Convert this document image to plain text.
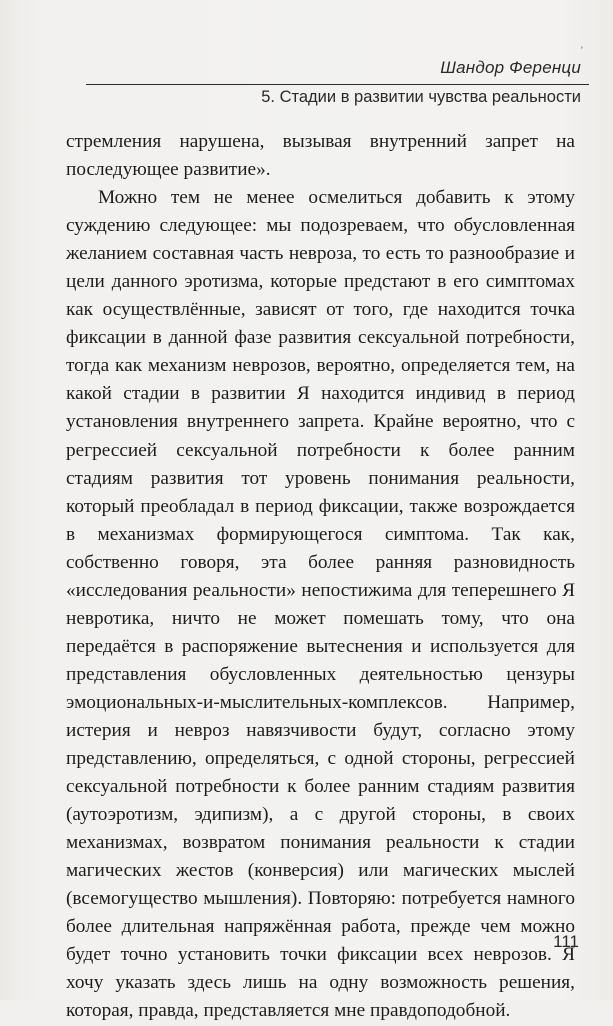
ʼ
Шандор Ференци
5. Стадии в развитии чувства реальности

стремления нарушена, вызывая внутренний запрет на последующее развитие».

Можно тем не менее осмелиться добавить к этому суждению следующее: мы подозреваем, что обусловленная желанием составная часть невроза, то есть то разнообразие и цели данного эротизма, которые предстают в его симптомах как осуществлённые, зависят от того, где находится точка фиксации в данной фазе развития сексуальной потребности, тогда как механизм неврозов, вероятно, определяется тем, на какой стадии в развитии Я находится индивид в период установления внутреннего запрета. Крайне вероятно, что с регрессией сексуальной потребности к более ранним стадиям развития тот уровень понимания реальности, который преобладал в период фиксации, также возрождается в механизмах формирующегося симптома. Так как, собственно говоря, эта более ранняя разновидность «исследования реальности» непостижима для теперешнего Я невротика, ничто не может помешать тому, что она передаётся в распоряжение вытеснения и используется для представления обусловленных деятельностью цензуры эмоциональных-и-мыслительных-комплексов. Например, истерия и невроз навязчивости будут, согласно этому представлению, определяться, с одной стороны, регрессией сексуальной потребности к более ранним стадиям развития (аутоэротизм, эдипизм), а с другой стороны, в своих механизмах, возвратом понимания реальности к стадии магических жестов (конверсия) или магических мыслей (всемогущество мышления). Повторяю: потребуется намного более длительная напряжённая работа, прежде чем можно будет точно установить точки фиксации всех неврозов. Я хочу указать здесь лишь на одну возможность решения, которая, правда, представляется мне правдоподобной.

111
